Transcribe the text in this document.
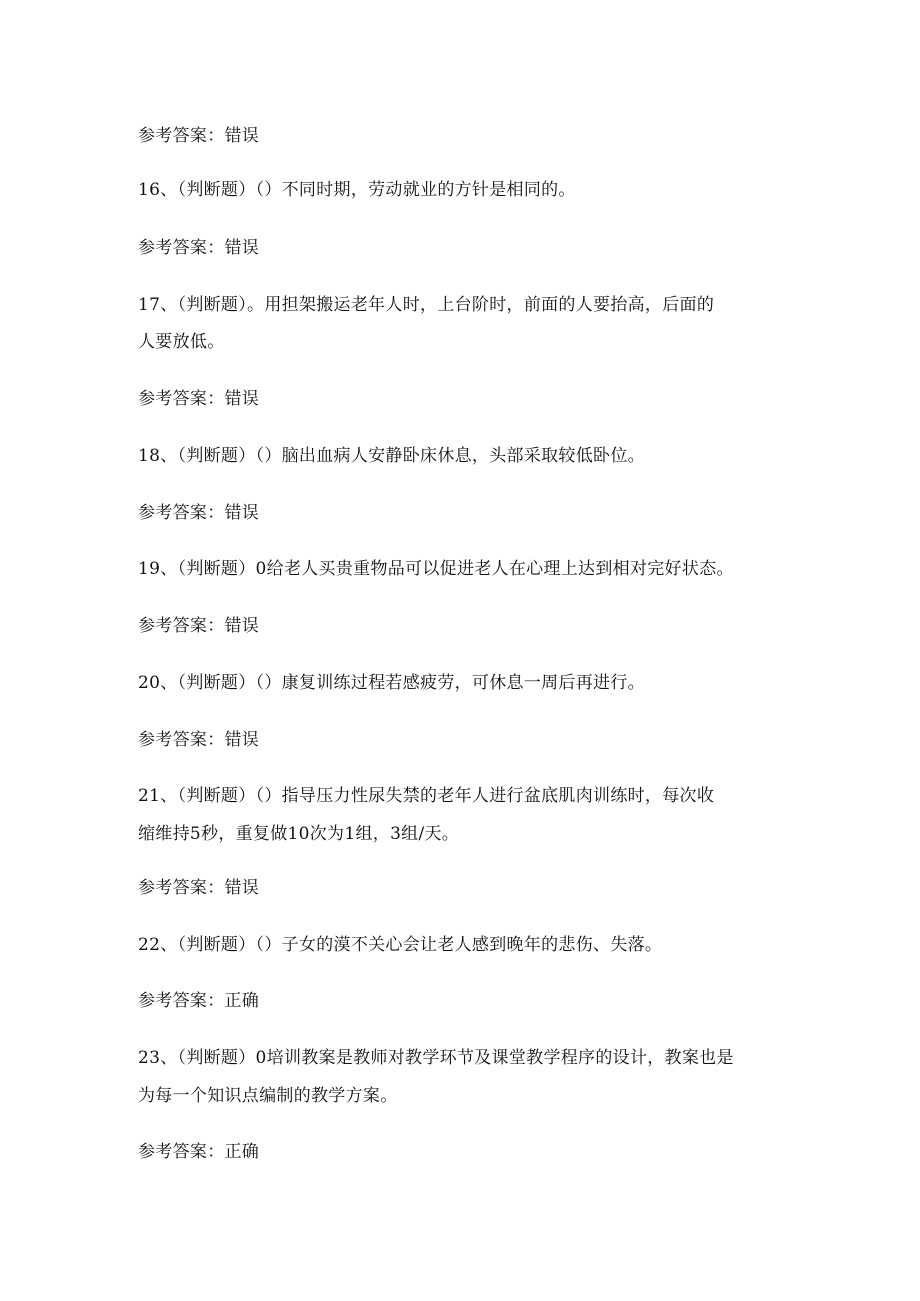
参考答案：错误
16、（判断题）（）不同时期，劳动就业的方针是相同的。
参考答案：错误
17、（判断题）。用担架搬运老年人时，上台阶时，前面的人要抬高，后面的
人要放低。
参考答案：错误
18、（判断题）（）脑出血病人安静卧床休息，头部采取较低卧位。
参考答案：错误
19、（判断题）0给老人买贵重物品可以促进老人在心理上达到相对完好状态。
参考答案：错误
20、（判断题）（）康复训练过程若感疲劳，可休息一周后再进行。
参考答案：错误
21、（判断题）（）指导压力性尿失禁的老年人进行盆底肌肉训练时，每次收
缩维持5秒，重复做10次为1组，3组/天。
参考答案：错误
22、（判断题）（）子女的漠不关心会让老人感到晚年的悲伤、失落。
参考答案：正确
23、（判断题）0培训教案是教师对教学环节及课堂教学程序的设计，教案也是
为每一个知识点编制的教学方案。
参考答案：正确
